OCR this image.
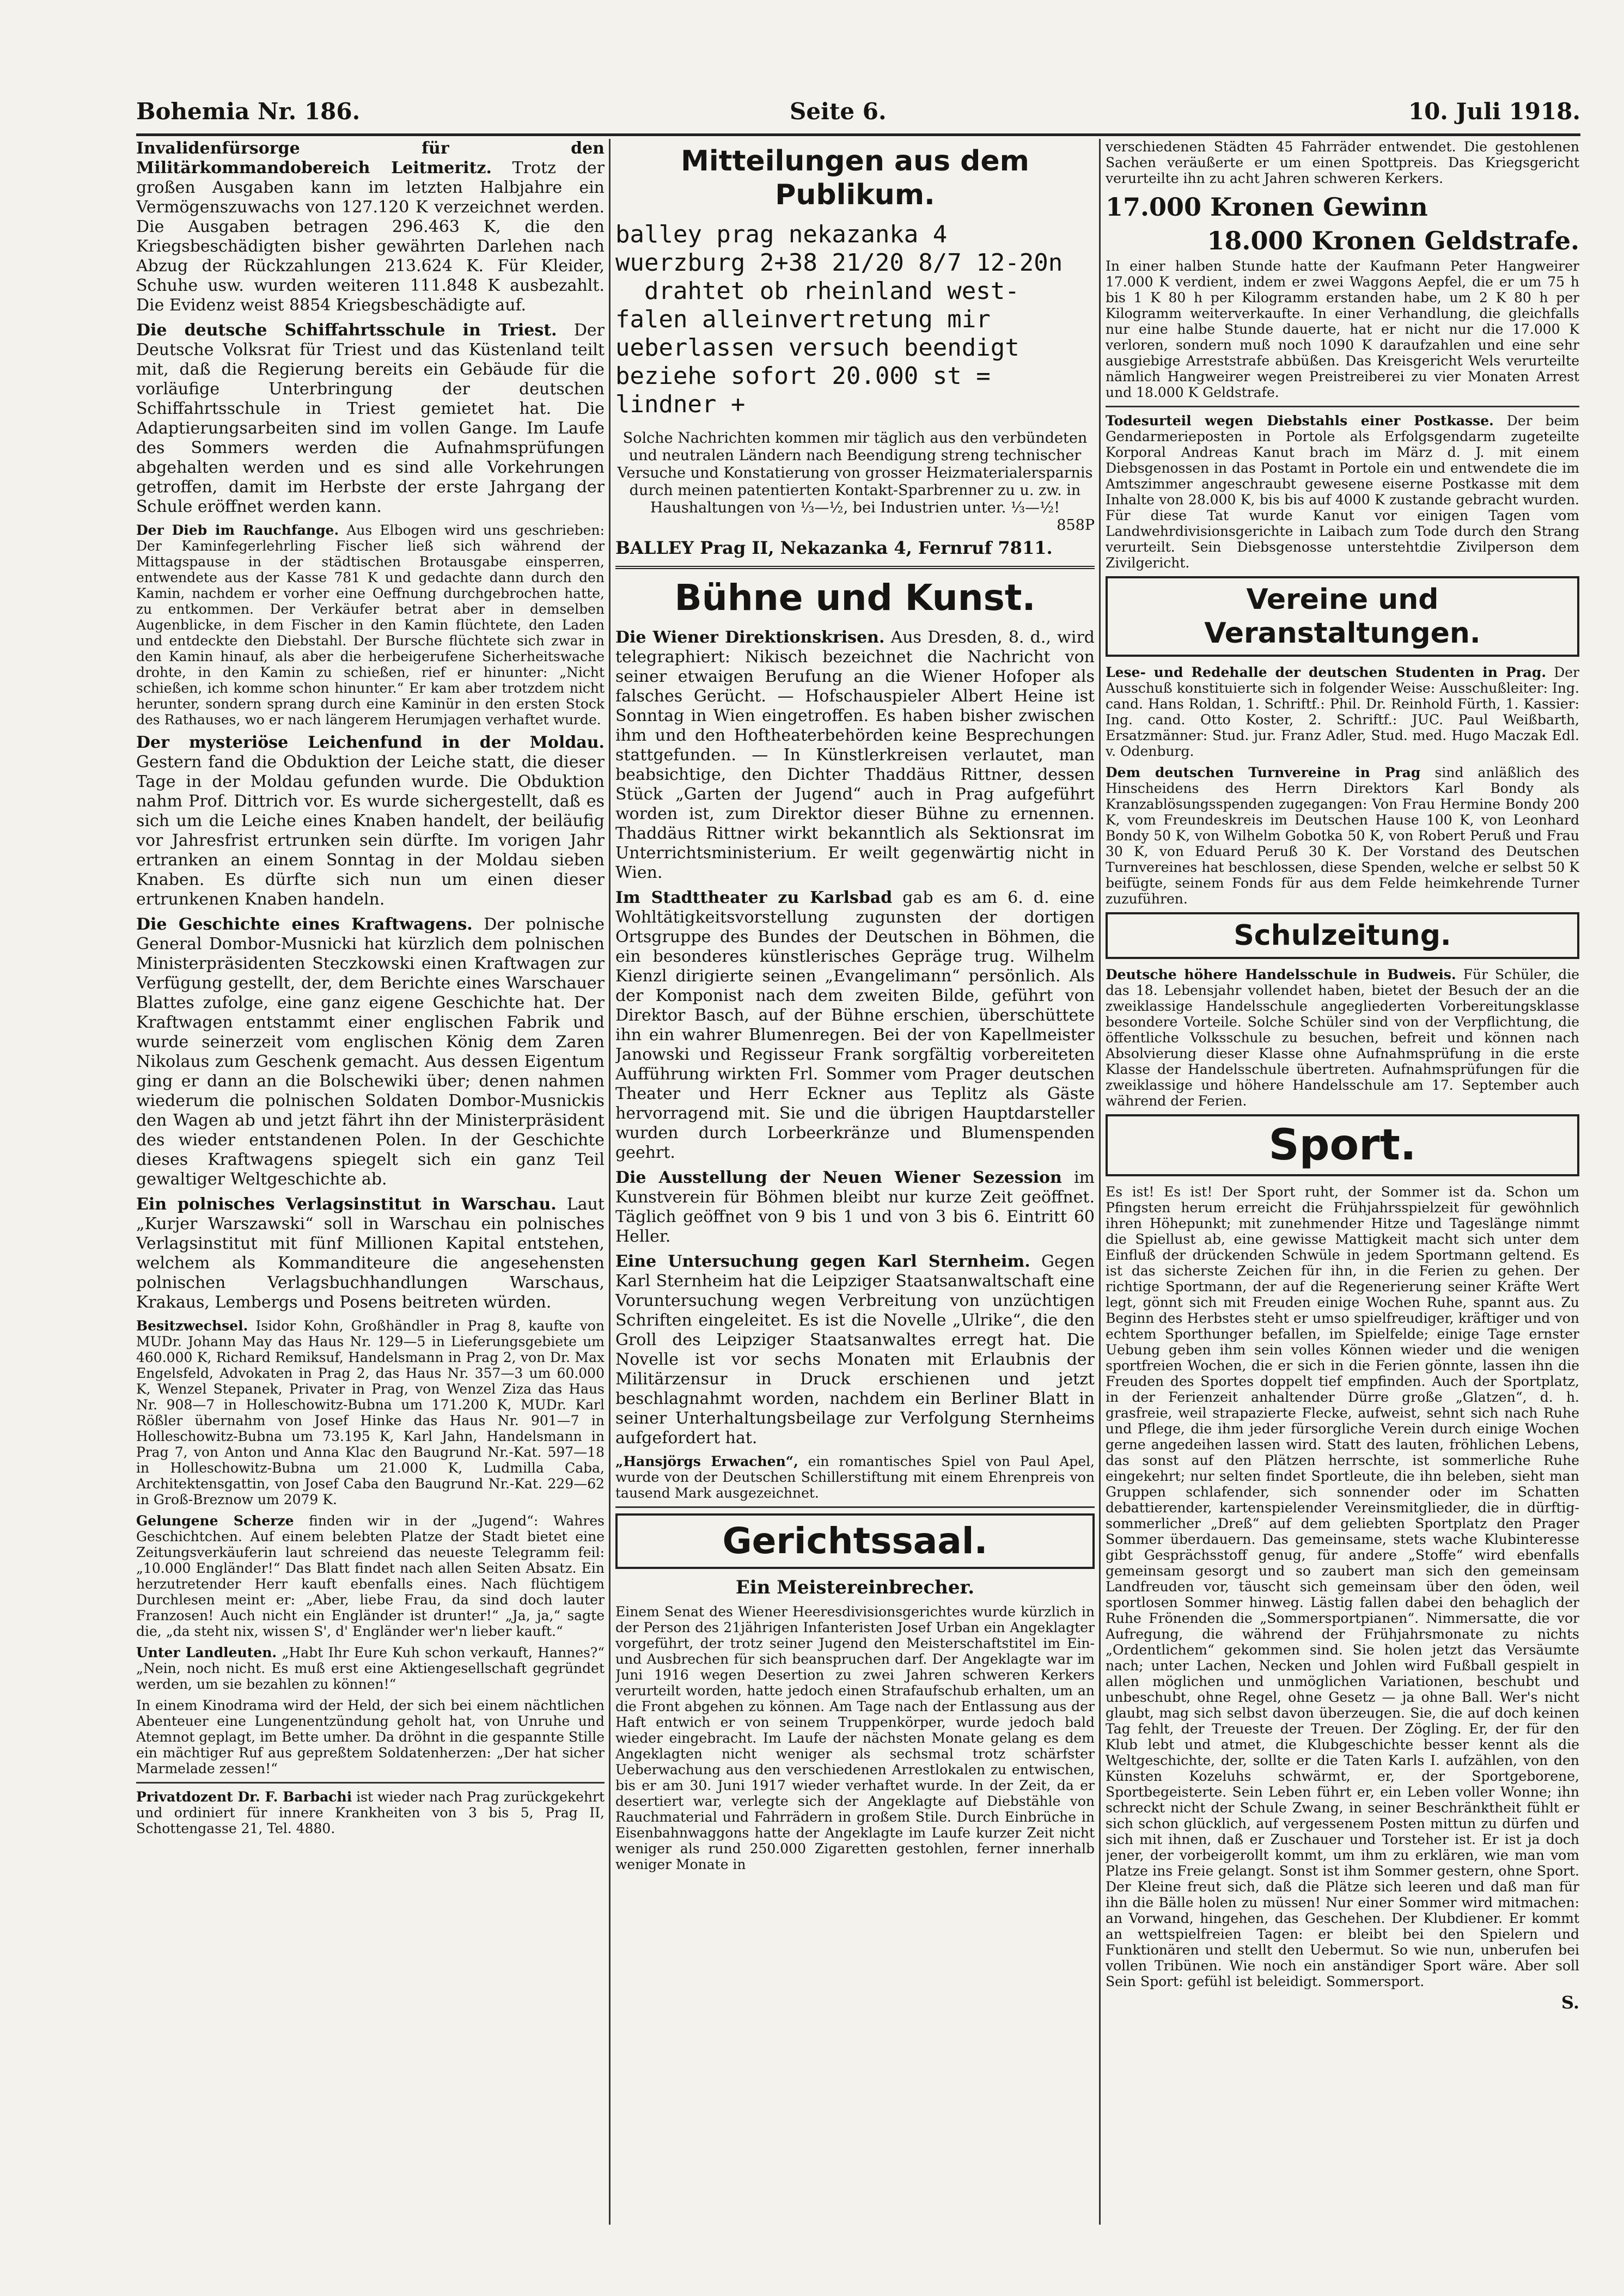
Bohemia Nr. 186.	Seite 6.	10. Juli 1918.

Invalidenfürsorge für den Militärkommandobereich Leitmeritz. Trotz der großen Ausgaben kann im letzten Halbjahre ein Vermögenszuwachs von 127.120 K verzeichnet werden. Die Ausgaben betragen 296.463 K, die den Kriegsbeschädigten bisher gewährten Darlehen nach Abzug der Rückzahlungen 213.624 K. Für Kleider, Schuhe usw. wurden weiteren 111.848 K ausbezahlt. Die Evidenz weist 8854 Kriegsbeschädigte auf.

Die deutsche Schiffahrtsschule in Triest. Der Deutsche Volksrat für Triest und das Küstenland teilt mit, daß die Regierung bereits ein Gebäude für die vorläufige Unterbringung der deutschen Schiffahrtsschule in Triest gemietet hat. Die Adaptierungsarbeiten sind im vollen Gange. Im Laufe des Sommers werden die Aufnahmsprüfungen abgehalten werden und es sind alle Vorkehrungen getroffen, damit im Herbste der erste Jahrgang der Schule eröffnet werden kann.

Der Dieb im Rauchfange. Aus Elbogen wird uns geschrieben: Der Kaminfegerlehrling Fischer ließ sich während der Mittagspause in der städtischen Brotausgabe einsperren, entwendete aus der Kasse 781 K und gedachte dann durch den Kamin, nachdem er vorher eine Oeffnung durchgebrochen hatte, zu entkommen. Der Verkäufer betrat aber in demselben Augenblicke, in dem Fischer in den Kamin flüchtete, den Laden und entdeckte den Diebstahl. Der Bursche flüchtete sich zwar in den Kamin hinauf, als aber die herbeigerufene Sicherheitswache drohte, in den Kamin zu schießen, rief er hinunter: „Nicht schießen, ich komme schon hinunter.“ Er kam aber trotzdem nicht herunter, sondern sprang durch eine Kaminür in den ersten Stock des Rathauses, wo er nach längerem Herumjagen verhaftet wurde.

Der mysteriöse Leichenfund in der Moldau. Gestern fand die Obduktion der Leiche statt, die dieser Tage in der Moldau gefunden wurde. Die Obduktion nahm Prof. Dittrich vor. Es wurde sichergestellt, daß es sich um die Leiche eines Knaben handelt, der beiläufig vor Jahresfrist ertrunken sein dürfte. Im vorigen Jahr ertranken an einem Sonntag in der Moldau sieben Knaben. Es dürfte sich nun um einen dieser ertrunkenen Knaben handeln.

Die Geschichte eines Kraftwagens. Der polnische General Dombor-Musnicki hat kürzlich dem polnischen Ministerpräsidenten Steczkowski einen Kraftwagen zur Verfügung gestellt, der, dem Berichte eines Warschauer Blattes zufolge, eine ganz eigene Geschichte hat. Der Kraftwagen entstammt einer englischen Fabrik und wurde seinerzeit vom englischen König dem Zaren Nikolaus zum Geschenk gemacht. Aus dessen Eigentum ging er dann an die Bolschewiki über; denen nahmen wiederum die polnischen Soldaten Dombor-Musnickis den Wagen ab und jetzt fährt ihn der Ministerpräsident des wieder entstandenen Polen. In der Geschichte dieses Kraftwagens spiegelt sich ein ganz Teil gewaltiger Weltgeschichte ab.

Ein polnisches Verlagsinstitut in Warschau. Laut „Kurjer Warszawski“ soll in Warschau ein polnisches Verlagsinstitut mit fünf Millionen Kapital entstehen, welchem als Kommanditeure die angesehensten polnischen Verlagsbuchhandlungen Warschaus, Krakaus, Lembergs und Posens beitreten würden.

Besitzwechsel. Isidor Kohn, Großhändler in Prag 8, kaufte von MUDr. Johann May das Haus Nr. 129—5 in Lieferungsgebiete um 460.000 K, Richard Remiksuf, Handelsmann in Prag 2, von Dr. Max Engelsfeld, Advokaten in Prag 2, das Haus Nr. 357—3 um 60.000 K, Wenzel Stepanek, Privater in Prag, von Wenzel Ziza das Haus Nr. 908—7 in Holleschowitz-Bubna um 171.200 K, MUDr. Karl Rößler übernahm von Josef Hinke das Haus Nr. 901—7 in Holleschowitz-Bubna um 73.195 K, Karl Jahn, Handelsmann in Prag 7, von Anton und Anna Klac den Baugrund Nr.-Kat. 597—18 in Holleschowitz-Bubna um 21.000 K, Ludmilla Caba, Architektensgattin, von Josef Caba den Baugrund Nr.-Kat. 229—62 in Groß-Breznow um 2079 K.

Gelungene Scherze finden wir in der „Jugend“: Wahres Geschichtchen. Auf einem belebten Platze der Stadt bietet eine Zeitungsverkäuferin laut schreiend das neueste Telegramm feil: „10.000 Engländer!“ Das Blatt findet nach allen Seiten Absatz. Ein herzutretender Herr kauft ebenfalls eines. Nach flüchtigem Durchlesen meint er: „Aber, liebe Frau, da sind doch lauter Franzosen! Auch nicht ein Engländer ist drunter!“ „Ja, ja,“ sagte die, „da steht nix, wissen S', d' Engländer wer'n lieber kauft.“

Unter Landleuten. „Habt Ihr Eure Kuh schon verkauft, Hannes?“ „Nein, noch nicht. Es muß erst eine Aktiengesellschaft gegründet werden, um sie bezahlen zu können!“

In einem Kinodrama wird der Held, der sich bei einem nächtlichen Abenteuer eine Lungenentzündung geholt hat, von Unruhe und Atemnot geplagt, im Bette umher. Da dröhnt in die gespannte Stille ein mächtiger Ruf aus gepreßtem Soldatenherzen: „Der hat sicher Marmelade zessen!“

Privatdozent Dr. F. Barbachi ist wieder nach Prag zurückgekehrt und ordiniert für innere Krankheiten von 3 bis 5, Prag II, Schottengasse 21, Tel. 4880.

Mitteilungen aus dem Publikum.
balley prag nekazanka 4
wuerzburg 2+38 21/20 8/7 12-20n
drahtet ob rheinland west-
falen alleinvertretung mir
ueberlassen versuch beendigt
beziehe sofort 20.000 st =
lindner +
Solche Nachrichten kommen mir täglich aus den verbündeten und neutralen Ländern nach Beendigung streng technischer Versuche und Konstatierung von grosser Heizmaterialersparnis durch meinen patentierten Kontakt-Sparbrenner zu u. zw. in Haushaltungen von ⅓—½, bei Industrien unter. ⅓—½!
858P
BALLEY Prag II, Nekazanka 4, Fernruf 7811.
Bühne und Kunst.

Die Wiener Direktionskrisen. Aus Dresden, 8. d., wird telegraphiert: Nikisch bezeichnet die Nachricht von seiner etwaigen Berufung an die Wiener Hofoper als falsches Gerücht. — Hofschauspieler Albert Heine ist Sonntag in Wien eingetroffen. Es haben bisher zwischen ihm und den Hoftheaterbehörden keine Besprechungen stattgefunden. — In Künstlerkreisen verlautet, man beabsichtige, den Dichter Thaddäus Rittner, dessen Stück „Garten der Jugend“ auch in Prag aufgeführt worden ist, zum Direktor dieser Bühne zu ernennen. Thaddäus Rittner wirkt bekanntlich als Sektionsrat im Unterrichtsministerium. Er weilt gegenwärtig nicht in Wien.

Im Stadttheater zu Karlsbad gab es am 6. d. eine Wohltätigkeitsvorstellung zugunsten der dortigen Ortsgruppe des Bundes der Deutschen in Böhmen, die ein besonderes künstlerisches Gepräge trug. Wilhelm Kienzl dirigierte seinen „Evangelimann“ persönlich. Als der Komponist nach dem zweiten Bilde, geführt von Direktor Basch, auf der Bühne erschien, überschüttete ihn ein wahrer Blumenregen. Bei der von Kapellmeister Janowski und Regisseur Frank sorgfältig vorbereiteten Aufführung wirkten Frl. Sommer vom Prager deutschen Theater und Herr Eckner aus Teplitz als Gäste hervorragend mit. Sie und die übrigen Hauptdarsteller wurden durch Lorbeerkränze und Blumenspenden geehrt.

Die Ausstellung der Neuen Wiener Sezession im Kunstverein für Böhmen bleibt nur kurze Zeit geöffnet. Täglich geöffnet von 9 bis 1 und von 3 bis 6. Eintritt 60 Heller.

Eine Untersuchung gegen Karl Sternheim. Gegen Karl Sternheim hat die Leipziger Staatsanwaltschaft eine Voruntersuchung wegen Verbreitung von unzüchtigen Schriften eingeleitet. Es ist die Novelle „Ulrike“, die den Groll des Leipziger Staatsanwaltes erregt hat. Die Novelle ist vor sechs Monaten mit Erlaubnis der Militärzensur in Druck erschienen und jetzt beschlagnahmt worden, nachdem ein Berliner Blatt in seiner Unterhaltungsbeilage zur Verfolgung Sternheims aufgefordert hat.

„Hansjörgs Erwachen“, ein romantisches Spiel von Paul Apel, wurde von der Deutschen Schillerstiftung mit einem Ehrenpreis von tausend Mark ausgezeichnet.

Gerichtssaal.
Ein Meistereinbrecher.

Einem Senat des Wiener Heeresdivisionsgerichtes wurde kürzlich in der Person des 21jährigen Infanteristen Josef Urban ein Angeklagter vorgeführt, der trotz seiner Jugend den Meisterschaftstitel im Ein- und Ausbrechen für sich beanspruchen darf. Der Angeklagte war im Juni 1916 wegen Desertion zu zwei Jahren schweren Kerkers verurteilt worden, hatte jedoch einen Strafaufschub erhalten, um an die Front abgehen zu können. Am Tage nach der Entlassung aus der Haft entwich er von seinem Truppenkörper, wurde jedoch bald wieder eingebracht. Im Laufe der nächsten Monate gelang es dem Angeklagten nicht weniger als sechsmal trotz schärfster Ueberwachung aus den verschiedenen Arrestlokalen zu entwischen, bis er am 30. Juni 1917 wieder verhaftet wurde. In der Zeit, da er desertiert war, verlegte sich der Angeklagte auf Diebstähle von Rauchmaterial und Fahrrädern in großem Stile. Durch Einbrüche in Eisenbahnwaggons hatte der Angeklagte im Laufe kurzer Zeit nicht weniger als rund 250.000 Zigaretten gestohlen, ferner innerhalb weniger Monate in

verschiedenen Städten 45 Fahrräder entwendet. Die gestohlenen Sachen veräußerte er um einen Spottpreis. Das Kriegsgericht verurteilte ihn zu acht Jahren schweren Kerkers.

17.000 Kronen Gewinn
18.000 Kronen Geldstrafe.

In einer halben Stunde hatte der Kaufmann Peter Hangweirer 17.000 K verdient, indem er zwei Waggons Aepfel, die er um 75 h bis 1 K 80 h per Kilogramm erstanden habe, um 2 K 80 h per Kilogramm weiterverkaufte. In einer Verhandlung, die gleichfalls nur eine halbe Stunde dauerte, hat er nicht nur die 17.000 K verloren, sondern muß noch 1090 K daraufzahlen und eine sehr ausgiebige Arreststrafe abbüßen. Das Kreisgericht Wels verurteilte nämlich Hangweirer wegen Preistreiberei zu vier Monaten Arrest und 18.000 K Geldstrafe.

Todesurteil wegen Diebstahls einer Postkasse. Der beim Gendarmerieposten in Portole als Erfolgsgendarm zugeteilte Korporal Andreas Kanut brach im März d. J. mit einem Diebsgenossen in das Postamt in Portole ein und entwendete die im Amtszimmer angeschraubt gewesene eiserne Postkasse mit dem Inhalte von 28.000 K, bis bis auf 4000 K zustande gebracht wurden. Für diese Tat wurde Kanut vor einigen Tagen vom Landwehrdivisionsgerichte in Laibach zum Tode durch den Strang verurteilt. Sein Diebsgenosse unterstehtdie Zivilperson dem Zivilgericht.

Vereine und Veranstaltungen.

Lese- und Redehalle der deutschen Studenten in Prag. Der Ausschuß konstituierte sich in folgender Weise: Ausschußleiter: Ing. cand. Hans Roldan, 1. Schriftf.: Phil. Dr. Reinhold Fürth, 1. Kassier: Ing. cand. Otto Koster, 2. Schriftf.: JUC. Paul Weißbarth, Ersatzmänner: Stud. jur. Franz Adler, Stud. med. Hugo Maczak Edl. v. Odenburg.

Dem deutschen Turnvereine in Prag sind anläßlich des Hinscheidens des Herrn Direktors Karl Bondy als Kranzablösungsspenden zugegangen: Von Frau Hermine Bondy 200 K, vom Freundeskreis im Deutschen Hause 100 K, von Leonhard Bondy 50 K, von Wilhelm Gobotka 50 K, von Robert Peruß und Frau 30 K, von Eduard Peruß 30 K. Der Vorstand des Deutschen Turnvereines hat beschlossen, diese Spenden, welche er selbst 50 K beifügte, seinem Fonds für aus dem Felde heimkehrende Turner zuzuführen.

Schulzeitung.

Deutsche höhere Handelsschule in Budweis. Für Schüler, die das 18. Lebensjahr vollendet haben, bietet der Besuch der an die zweiklassige Handelsschule angegliederten Vorbereitungsklasse besondere Vorteile. Solche Schüler sind von der Verpflichtung, die öffentliche Volksschule zu besuchen, befreit und können nach Absolvierung dieser Klasse ohne Aufnahmsprüfung in die erste Klasse der Handelsschule übertreten. Aufnahmsprüfungen für die zweiklassige und höhere Handelsschule am 17. September auch während der Ferien.

Sport.

Es ist! Es ist! Der Sport ruht, der Sommer ist da. Schon um Pfingsten herum erreicht die Frühjahrsspielzeit für gewöhnlich ihren Höhepunkt; mit zunehmender Hitze und Tageslänge nimmt die Spiellust ab, eine gewisse Mattigkeit macht sich unter dem Einfluß der drückenden Schwüle in jedem Sportmann geltend. Es ist das sicherste Zeichen für ihn, in die Ferien zu gehen. Der richtige Sportmann, der auf die Regenerierung seiner Kräfte Wert legt, gönnt sich mit Freuden einige Wochen Ruhe, spannt aus. Zu Beginn des Herbstes steht er umso spielfreudiger, kräftiger und von echtem Sporthunger befallen, im Spielfelde; einige Tage ernster Uebung geben ihm sein volles Können wieder und die wenigen sportfreien Wochen, die er sich in die Ferien gönnte, lassen ihn die Freuden des Sportes doppelt tief empfinden. Auch der Sportplatz, in der Ferienzeit anhaltender Dürre große „Glatzen“, d. h. grasfreie, weil strapazierte Flecke, aufweist, sehnt sich nach Ruhe und Pflege, die ihm jeder fürsorgliche Verein durch einige Wochen gerne angedeihen lassen wird. Statt des lauten, fröhlichen Lebens, das sonst auf den Plätzen herrschte, ist sommerliche Ruhe eingekehrt; nur selten findet Sportleute, die ihn beleben, sieht man Gruppen schlafender, sich sonnender oder im Schatten debattierender, kartenspielender Vereinsmitglieder, die in dürftig-sommerlicher „Dreß“ auf dem geliebten Sportplatz den Prager Sommer überdauern. Das gemeinsame, stets wache Klubinteresse gibt Gesprächsstoff genug, für andere „Stoffe“ wird ebenfalls gemeinsam gesorgt und so zaubert man sich den gemeinsam Landfreuden vor, täuscht sich gemeinsam über den öden, weil sportlosen Sommer hinweg. Lästig fallen dabei den behaglich der Ruhe Frönenden die „Sommersportpianen“. Nimmersatte, die vor Aufregung, die während der Frühjahrsmonate zu nichts „Ordentlichem“ gekommen sind. Sie holen jetzt das Versäumte nach; unter Lachen, Necken und Johlen wird Fußball gespielt in allen möglichen und unmöglichen Variationen, beschubt und unbeschubt, ohne Regel, ohne Gesetz — ja ohne Ball. Wer's nicht glaubt, mag sich selbst davon überzeugen. Sie, die auf doch keinen Tag fehlt, der Treueste der Treuen. Der Zögling. Er, der für den Klub lebt und atmet, die Klubgeschichte besser kennt als die Weltgeschichte, der, sollte er die Taten Karls I. aufzählen, von den Künsten Kozeluhs schwärmt, er, der Sportgeborene, Sportbegeisterte. Sein Leben führt er, ein Leben voller Wonne; ihn schreckt nicht der Schule Zwang, in seiner Beschränktheit fühlt er sich schon glücklich, auf vergessenem Posten mittun zu dürfen und sich mit ihnen, daß er Zuschauer und Torsteher ist. Er ist ja doch jener, der vorbeigerollt kommt, um ihm zu erklären, wie man vom Platze ins Freie gelangt. Sonst ist ihm Sommer gestern, ohne Sport. Der Kleine freut sich, daß die Plätze sich leeren und daß man für ihn die Bälle holen zu müssen! Nur einer Sommer wird mitmachen: an Vorwand, hingehen, das Geschehen. Der Klubdiener. Er kommt an wettspielfreien Tagen: er bleibt bei den Spielern und Funktionären und stellt den Uebermut. So wie nun, unberufen bei vollen Tribünen. Wie noch ein anständiger Sport wäre. Aber soll Sein Sport: gefühl ist beleidigt. Sommersport.

S.
